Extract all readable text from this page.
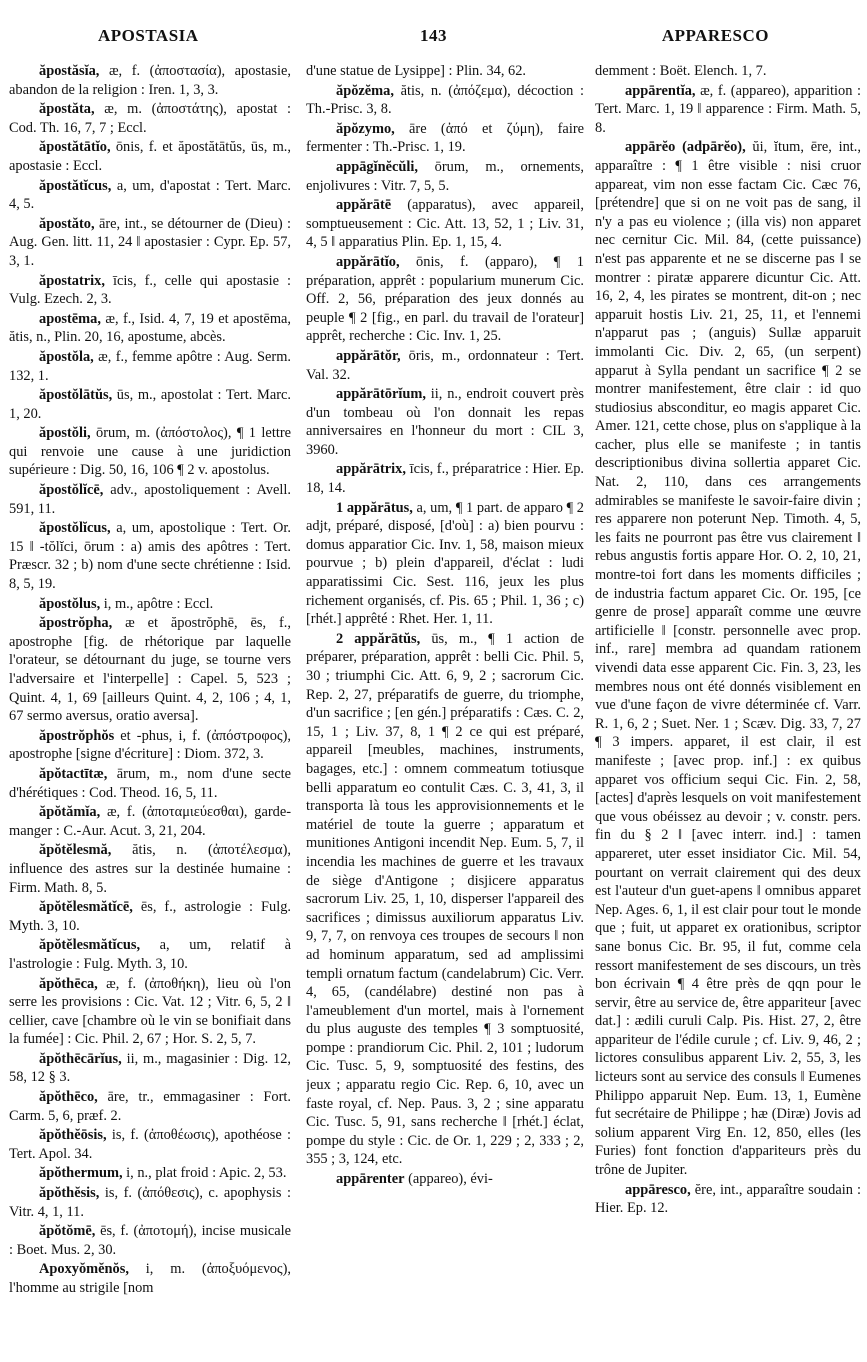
APOSTASIA	143	APPARESCO

ăpostăsĭa, æ, f. (ἀποστασία), apostasie, abandon de la religion : Iren. 1, 3, 3.

ăpostăta, æ, m. (ἀποστάτης), apostat : Cod. Th. 16, 7, 7 ; Eccl.

ăpostătātĭo, ōnis, f. et ăpostătātŭs, ūs, m., apostasie : Eccl.

ăpostătĭcus, a, um, d'apostat : Tert. Marc. 4, 5.

ăpostăto, āre, int., se détourner de (Dieu) : Aug. Gen. litt. 11, 24 ‖ apostasier : Cypr. Ep. 57, 3, 1.

ăpostatrix, īcis, f., celle qui apostasie : Vulg. Ezech. 2, 3.

apostēma, æ, f., Isid. 4, 7, 19 et apostēma, ătis, n., Plin. 20, 16, apostume, abcès.

ăpostŏla, æ, f., femme apôtre : Aug. Serm. 132, 1.

ăpostŏlātŭs, ūs, m., apostolat : Tert. Marc. 1, 20.

ăpostŏli, ōrum, m. (ἀπόστολος), ¶ 1 lettre qui renvoie une cause à une juridiction supérieure : Dig. 50, 16, 106 ¶ 2 v. apostolus.

ăpostŏlĭcē, adv., apostoliquement : Avell. 591, 11.

ăpostŏlĭcus, a, um, apostolique : Tert. Or. 15 ‖ -tŏlĭci, ōrum : a) amis des apôtres : Tert. Præscr. 32 ; b) nom d'une secte chrétienne : Isid. 8, 5, 19.

ăpostŏlus, i, m., apôtre : Eccl.

ăpostrŏpha, æ et ăpostrŏphē, ēs, f., apostrophe [fig. de rhétorique par laquelle l'orateur, se détournant du juge, se tourne vers l'adversaire et l'interpelle] : Capel. 5, 523 ; Quint. 4, 1, 69 [ailleurs Quint. 4, 2, 106 ; 4, 1, 67 sermo aversus, oratio aversa].

ăpostrŏphŏs et -phus, i, f. (ἀπόστροφος), apostrophe [signe d'écriture] : Diom. 372, 3.

ăpŏtactītæ, ārum, m., nom d'une secte d'hérétiques : Cod. Theod. 16, 5, 11.

ăpŏtămĭa, æ, f. (ἀποταμιεύεσθαι), garde-manger : C.-Aur. Acut. 3, 21, 204.

ăpŏtĕlesmă, ătis, n. (ἀποτέλεσμα), influence des astres sur la destinée humaine : Firm. Math. 8, 5.

ăpŏtĕlesmătĭcē, ēs, f., astrologie : Fulg. Myth. 3, 10.

ăpŏtĕlesmătĭcus, a, um, relatif à l'astrologie : Fulg. Myth. 3, 10.

ăpŏthēca, æ, f. (ἀποθήκη), lieu où l'on serre les provisions : Cic. Vat. 12 ; Vitr. 6, 5, 2 ‖ cellier, cave [chambre où le vin se bonifiait dans la fumée] : Cic. Phil. 2, 67 ; Hor. S. 2, 5, 7.

ăpŏthēcārĭus, ii, m., magasinier : Dig. 12, 58, 12 § 3.

ăpŏthēco, āre, tr., emmagasiner : Fort. Carm. 5, 6, præf. 2.

ăpŏthĕōsis, is, f. (ἀποθέωσις), apothéose : Tert. Apol. 34.

ăpŏthermum, i, n., plat froid : Apic. 2, 53.

ăpŏthĕsis, is, f. (ἀπόθεσις), c. apophysis : Vitr. 4, 1, 11.

ăpŏtŏmē, ēs, f. (ἀποτομή), incise musicale : Boet. Mus. 2, 30.

Apoxyŏmĕnŏs, i, m. (ἀποξυόμενος), l'homme au strigile [nom

d'une statue de Lysippe] : Plin. 34, 62.

ăpŏzĕma, ătis, n. (ἀπόζεμα), décoction : Th.-Prisc. 3, 8.

ăpŏzymo, āre (ἀπό et ζύμη), faire fermenter : Th.-Prisc. 1, 19.

appāgĭnĕcŭli, ōrum, m., ornements, enjolivures : Vitr. 7, 5, 5.

appărātē (apparatus), avec appareil, somptueusement : Cic. Att. 13, 52, 1 ; Liv. 31, 4, 5 ‖ apparatius Plin. Ep. 1, 15, 4.

appărātĭo, ōnis, f. (apparo), ¶ 1 préparation, apprêt : popularium munerum Cic. Off. 2, 56, préparation des jeux donnés au peuple ¶ 2 [fig., en parl. du travail de l'orateur] apprêt, recherche : Cic. Inv. 1, 25.

appărātŏr, ōris, m., ordonnateur : Tert. Val. 32.

appărātōrĭum, ii, n., endroit couvert près d'un tombeau où l'on donnait les repas anniversaires en l'honneur du mort : CIL 3, 3960.

appărātrix, īcis, f., préparatrice : Hier. Ep. 18, 14.

1 appărātus, a, um, ¶ 1 part. de apparo ¶ 2 adjt, préparé, disposé, [d'où] : a) bien pourvu : domus apparatior Cic. Inv. 1, 58, maison mieux pourvue ; b) plein d'appareil, d'éclat : ludi apparatissimi Cic. Sest. 116, jeux les plus richement organisés, cf. Pis. 65 ; Phil. 1, 36 ; c) [rhét.] apprêté : Rhet. Her. 1, 11.

2 appărātŭs, ūs, m., ¶ 1 action de préparer, préparation, apprêt : belli Cic. Phil. 5, 30 ; triumphi Cic. Att. 6, 9, 2 ; sacrorum Cic. Rep. 2, 27, préparatifs de guerre, du triomphe, d'un sacrifice ; [en gén.] préparatifs : Cæs. C. 2, 15, 1 ; Liv. 37, 8, 1 ¶ 2 ce qui est préparé, appareil [meubles, machines, instruments, bagages, etc.] : omnem commeatum totiusque belli apparatum eo contulit Cæs. C. 3, 41, 3, il transporta là tous les approvisionnements et le matériel de toute la guerre ; apparatum et munitiones Antigoni incendit Nep. Eum. 5, 7, il incendia les machines de guerre et les travaux de siège d'Antigone ; disjicere apparatus sacrorum Liv. 25, 1, 10, disperser l'appareil des sacrifices ; dimissus auxiliorum apparatus Liv. 9, 7, 7, on renvoya ces troupes de secours ‖ non ad hominum apparatum, sed ad amplissimi templi ornatum factum (candelabrum) Cic. Verr. 4, 65, (candélabre) destiné non pas à l'ameublement d'un mortel, mais à l'ornement du plus auguste des temples ¶ 3 somptuosité, pompe : prandiorum Cic. Phil. 2, 101 ; ludorum Cic. Tusc. 5, 9, somptuosité des festins, des jeux ; apparatu regio Cic. Rep. 6, 10, avec un faste royal, cf. Nep. Paus. 3, 2 ; sine apparatu Cic. Tusc. 5, 91, sans recherche ‖ [rhét.] éclat, pompe du style : Cic. de Or. 1, 229 ; 2, 333 ; 2, 355 ; 3, 124, etc.

appārenter (appareo), évi-

demment : Boët. Elench. 1, 7.

appārentĭa, æ, f. (appareo), apparition : Tert. Marc. 1, 19 ‖ apparence : Firm. Math. 5, 8.

appārĕo (adpārĕo), ŭi, ĭtum, ēre, int., apparaître : ¶ 1 être visible : nisi cruor appareat, vim non esse factam Cic. Cæc 76, [prétendre] que si on ne voit pas de sang, il n'y a pas eu violence ; (illa vis) non apparet nec cernitur Cic. Mil. 84, (cette puissance) n'est pas apparente et ne se discerne pas ‖ se montrer : piratæ apparere dicuntur Cic. Att. 16, 2, 4, les pirates se montrent, dit-on ; nec apparuit hostis Liv. 21, 25, 11, et l'ennemi n'apparut pas ; (anguis) Sullæ apparuit immolanti Cic. Div. 2, 65, (un serpent) apparut à Sylla pendant un sacrifice ¶ 2 se montrer manifestement, être clair : id quo studiosius absconditur, eo magis apparet Cic. Amer. 121, cette chose, plus on s'applique à la cacher, plus elle se manifeste ; in tantis descriptionibus divina sollertia apparet Cic. Nat. 2, 110, dans ces arrangements admirables se manifeste le savoir-faire divin ; res apparere non poterunt Nep. Timoth. 4, 5, les faits ne pourront pas être vus clairement ‖ rebus angustis fortis appare Hor. O. 2, 10, 21, montre-toi fort dans les moments difficiles ; de industria factum apparet Cic. Or. 195, [ce genre de prose] apparaît comme une œuvre artificielle ‖ [constr. personnelle avec prop. inf., rare] membra ad quandam rationem vivendi data esse apparent Cic. Fin. 3, 23, les membres nous ont été donnés visiblement en vue d'une façon de vivre déterminée cf. Varr. R. 1, 6, 2 ; Suet. Ner. 1 ; Scæv. Dig. 33, 7, 27 ¶ 3 impers. apparet, il est clair, il est manifeste ; [avec prop. inf.] : ex quibus apparet vos officium sequi Cic. Fin. 2, 58, [actes] d'après lesquels on voit manifestement que vous obéissez au devoir ; v. constr. pers. fin du § 2 ‖ [avec interr. ind.] : tamen appareret, uter esset insidiator Cic. Mil. 54, pourtant on verrait clairement qui des deux est l'auteur d'un guet-apens ‖ omnibus apparet Nep. Ages. 6, 1, il est clair pour tout le monde que ; fuit, ut apparet ex orationibus, scriptor sane bonus Cic. Br. 95, il fut, comme cela ressort manifestement de ses discours, un très bon écrivain ¶ 4 être près de qqn pour le servir, être au service de, être appariteur [avec dat.] : ædili curuli Calp. Pis. Hist. 27, 2, être appariteur de l'édile curule ; cf. Liv. 9, 46, 2 ; lictores consulibus apparent Liv. 2, 55, 3, les licteurs sont au service des consuls ‖ Eumenes Philippo apparuit Nep. Eum. 13, 1, Eumène fut secrétaire de Philippe ; hæ (Diræ) Jovis ad solium apparent Virg En. 12, 850, elles (les Furies) font fonction d'appariteurs près du trône de Jupiter.

appāresco, ĕre, int., apparaître soudain : Hier. Ep. 12.
